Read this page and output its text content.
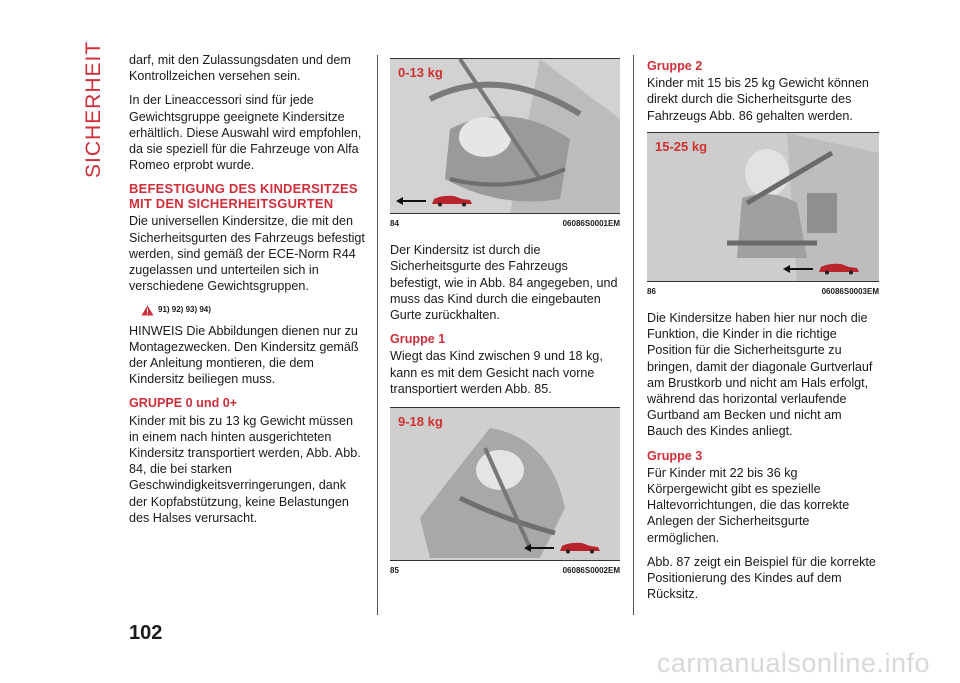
SICHERHEIT darf, mit den Zulassungsdaten und dem Kontrollzeichen versehen sein.

In der Lineaccessori sind für jede Gewichtsgruppe geeignete Kindersitze erhältlich. Diese Auswahl wird empfohlen, da sie speziell für die Fahrzeuge von Alfa Romeo erprobt wurde.

BEFESTIGUNG DES KINDERSITZES MIT DEN SICHERHEITSGURTEN

Die universellen Kindersitze, die mit den Sicherheitsgurten des Fahrzeugs befestigt werden, sind gemäß der ECE-Norm R44 zugelassen und unterteilen sich in verschiedene Gewichtsgruppen.

91) 92) 93) 94)

HINWEIS Die Abbildungen dienen nur zu Montagezwecken. Den Kindersitz gemäß der Anleitung montieren, die dem Kindersitz beiliegen muss.

GRUPPE 0 und 0+

Kinder mit bis zu 13 kg Gewicht müssen in einem nach hinten ausgerichteten Kindersitz transportiert werden, Abb. Abb. 84, die bei starken Geschwindigkeitsverringerungen, dank der Kopfabstützung, keine Belastungen des Halses verursacht.

0-13 kg
84	06086S0001EM

Der Kindersitz ist durch die Sicherheitsgurte des Fahrzeugs befestigt, wie in Abb. 84 angegeben, und muss das Kind durch die eingebauten Gurte zurückhalten.

Gruppe 1

Wiegt das Kind zwischen 9 und 18 kg, kann es mit dem Gesicht nach vorne transportiert werden Abb. 85.

9-18 kg
85	06086S0002EM
Gruppe 2

Kinder mit 15 bis 25 kg Gewicht können direkt durch die Sicherheitsgurte des Fahrzeugs Abb. 86 gehalten werden.

15-25 kg
86	06086S0003EM

Die Kindersitze haben hier nur noch die Funktion, die Kinder in die richtige Position für die Sicherheitsgurte zu bringen, damit der diagonale Gurtverlauf am Brustkorb und nicht am Hals erfolgt, während das horizontal verlaufende Gurtband am Becken und nicht am Bauch des Kindes anliegt.

Gruppe 3

Für Kinder mit 22 bis 36 kg Körpergewicht gibt es spezielle Haltevorrichtungen, die das korrekte Anlegen der Sicherheitsgurte ermöglichen.

Abb. 87 zeigt ein Beispiel für die korrekte Positionierung des Kindes auf dem Rücksitz.

102
carmanualsonline.info
